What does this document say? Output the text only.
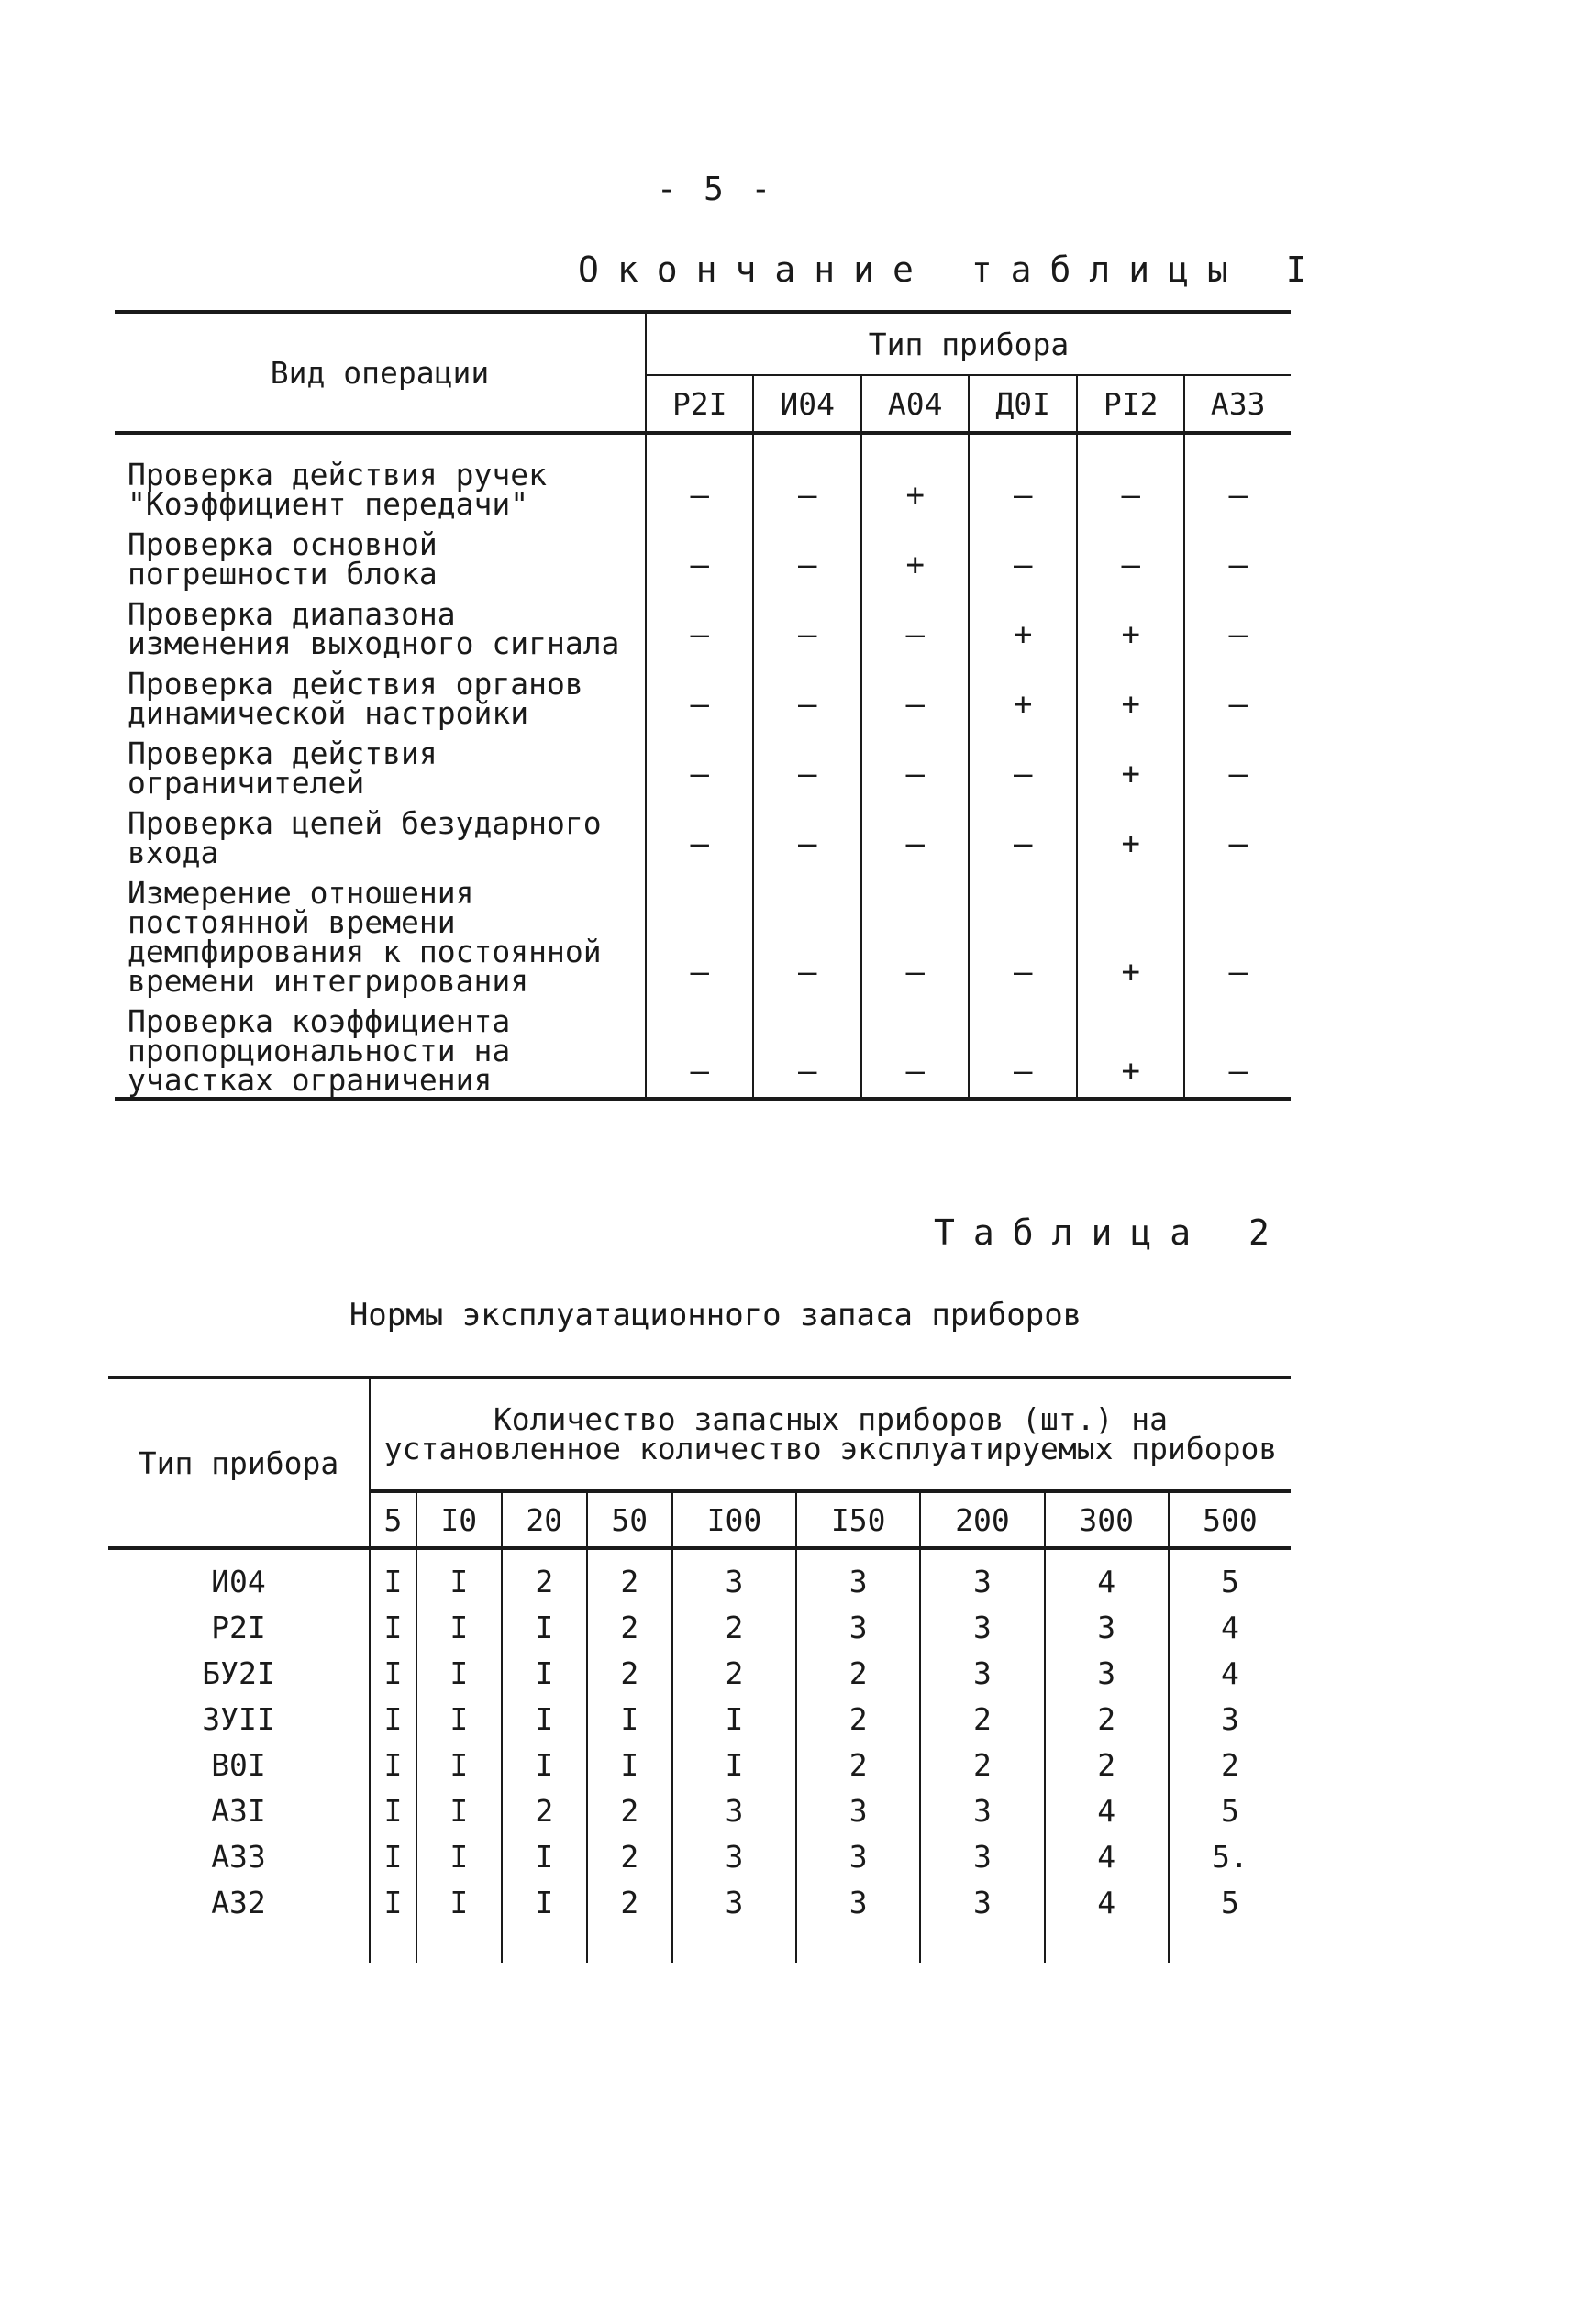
- 5 -
Окончание таблицы I
Вид операции	Тип прибора					
	Р2I	И04	А04	Д0I	РI2	А33
Проверка действия ручек "Коэффициент передачи"	–	–	+	–	–	–
Проверка основной погрешности блока	–	–	+	–	–	–
Проверка диапазона изменения выходного сигнала	–	–	–	+	+	–
Проверка действия органов динамической настройки	–	–	–	+	+	–
Проверка действия ограничителей	–	–	–	–	+	–
Проверка цепей безударного входа	–	–	–	–	+	–
Измерение отношения постоянной времени демпфирования к постоянной времени интегрирования	–	–	–	–	+	–
Проверка коэффициента пропорциональности на участках ограничения	–	–	–	–	+	–
Таблица 2
Нормы эксплуатационного запаса приборов
Тип прибора	Количество запасных приборов (шт.) на установленное количество эксплуатируемых приборов								
	5	I0	20	50	I00	I50	200	300	500
И04	I	I	2	2	3	3	3	4	5
Р2I	I	I	I	2	2	3	3	3	4
БУ2I	I	I	I	2	2	2	3	3	4
ЗУII	I	I	I	I	I	2	2	2	3
В0I	I	I	I	I	I	2	2	2	2
А3I	I	I	2	2	3	3	3	4	5
А33	I	I	I	2	3	3	3	4	5.
А32	I	I	I	2	3	3	3	4	5
